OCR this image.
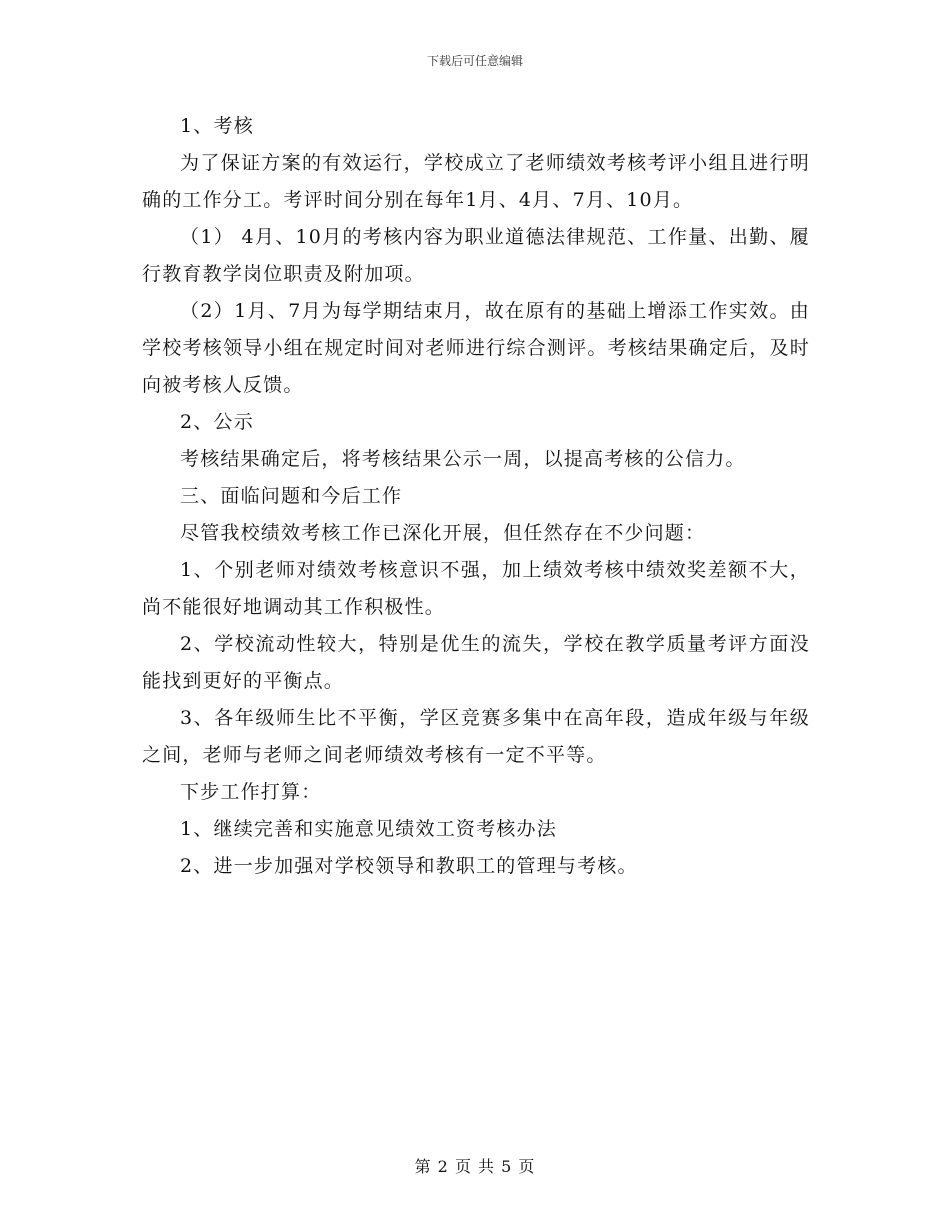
下载后可任意编辑

1、考核

为了保证方案的有效运行，学校成立了老师绩效考核考评小组且进行明确的工作分工。考评时间分别在每年1月、4月、7月、10月。

（1） 4月、10月的考核内容为职业道德法律规范、工作量、出勤、履行教育教学岗位职责及附加项。

（2）1月、7月为每学期结束月，故在原有的基础上增添工作实效。由学校考核领导小组在规定时间对老师进行综合测评。考核结果确定后，及时向被考核人反馈。

2、公示

考核结果确定后，将考核结果公示一周，以提高考核的公信力。

三、面临问题和今后工作

尽管我校绩效考核工作已深化开展，但任然存在不少问题：

1、个别老师对绩效考核意识不强，加上绩效考核中绩效奖差额不大，尚不能很好地调动其工作积极性。

2、学校流动性较大，特别是优生的流失，学校在教学质量考评方面没能找到更好的平衡点。

3、各年级师生比不平衡，学区竞赛多集中在高年段，造成年级与年级之间，老师与老师之间老师绩效考核有一定不平等。

下步工作打算：

1、继续完善和实施意见绩效工资考核办法

2、进一步加强对学校领导和教职工的管理与考核。

第 2 页 共 5 页
